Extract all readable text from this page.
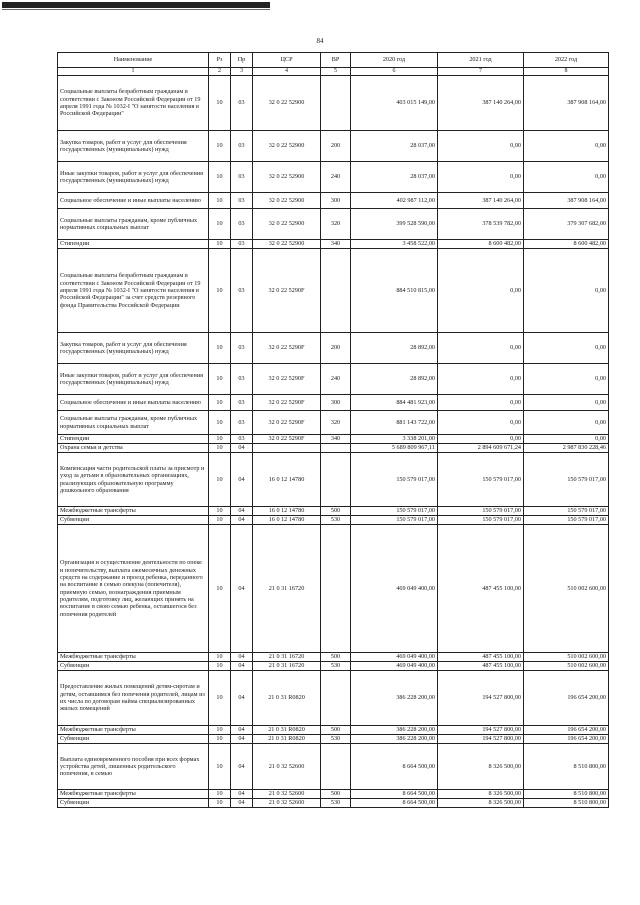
84
Наименование	Рз	Пр	ЦСР	ВР	2020 год	2021 год	2022 год
1	2	3	4	5	6	7	8
Социальные выплаты безработным гражданам в соответствии с Законом Российской Федерации от 19 апреля 1991 года № 1032-I "О занятости населения в Российской Федерации"	10	03	32 0 22 52900		403 015 149,00	387 140 264,00	387 908 164,00
Закупка товаров, работ и услуг для обеспечения государственных (муниципальных) нужд	10	03	32 0 22 52900	200	28 037,00	0,00	0,00
Иные закупки товаров, работ и услуг для обеспечения государственных (муниципальных) нужд	10	03	32 0 22 52900	240	28 037,00	0,00	0,00
Социальное обеспечение и иные выплаты населению	10	03	32 0 22 52900	300	402 987 112,00	387 140 264,00	387 908 164,00
Социальные выплаты гражданам, кроме публичных нормативных социальных выплат	10	03	32 0 22 52900	320	399 528 590,00	378 539 782,00	379 307 682,00
Стипендии	10	03	32 0 22 52900	340	3 458 522,00	8 600 482,00	8 600 482,00
Социальные выплаты безработным гражданам в соответствии с Законом Российской Федерации от 19 апреля 1991 года № 1032-I "О занятости населения в Российской Федерации" за счет средств резервного фонда Правительства Российской Федерации	10	03	32 0 22 5290F		884 510 815,00	0,00	0,00
Закупка товаров, работ и услуг для обеспечения государственных (муниципальных) нужд	10	03	32 0 22 5290F	200	28 892,00	0,00	0,00
Иные закупки товаров, работ и услуг для обеспечения государственных (муниципальных) нужд	10	03	32 0 22 5290F	240	28 892,00	0,00	0,00
Социальное обеспечение и иные выплаты населению	10	03	32 0 22 5290F	300	884 481 923,00	0,00	0,00
Социальные выплаты гражданам, кроме публичных нормативных социальных выплат	10	03	32 0 22 5290F	320	881 143 722,00	0,00	0,00
Стипендии	10	03	32 0 22 5290F	340	3 338 201,00	0,00	0,00
Охрана семьи и детства	10	04			5 689 809 967,11	2 894 609 671,24	2 987 830 228,46
Компенсация части родительской платы за присмотр и уход за детьми в образовательных организациях, реализующих образовательную программу дошкольного образования	10	04	16 0 12 14780		150 579 017,00	150 579 017,00	150 579 017,00
Межбюджетные трансферты	10	04	16 0 12 14780	500	150 579 017,00	150 579 017,00	150 579 017,00
Субвенции	10	04	16 0 12 14780	530	150 579 017,00	150 579 017,00	150 579 017,00
Организация и осуществление деятельности по опеке и попечительству, выплата ежемесячных денежных средств на содержание и проезд ребенка, переданного на воспитание в семью опекуна (попечителя), приемную семью, вознаграждения приемным родителям, подготовку лиц, желающих принять на воспитание в свою семью ребенка, оставшегося без попечения родителей	10	04	21 0 31 16720		469 049 400,00	487 455 100,00	510 002 600,00
Межбюджетные трансферты	10	04	21 0 31 16720	500	469 049 400,00	487 455 100,00	510 002 600,00
Субвенции	10	04	21 0 31 16720	530	469 049 400,00	487 455 100,00	510 002 600,00
Предоставление жилых помещений детям-сиротам и детям, оставшимся без попечения родителей, лицам из их числа по договорам найма специализированных жилых помещений	10	04	21 0 31 R0820		386 228 200,00	194 527 800,00	196 654 200,00
Межбюджетные трансферты	10	04	21 0 31 R0820	500	386 228 200,00	194 527 800,00	196 654 200,00
Субвенции	10	04	21 0 31 R0820	530	386 228 200,00	194 527 800,00	196 654 200,00
Выплата единовременного пособия при всех формах устройства детей, лишенных родительского попечения, в семью	10	04	21 0 32 52600		8 664 500,00	8 326 500,00	8 510 800,00
Межбюджетные трансферты	10	04	21 0 32 52600	500	8 664 500,00	8 326 500,00	8 510 800,00
Субвенции	10	04	21 0 32 52600	530	8 664 500,00	8 326 500,00	8 510 800,00
